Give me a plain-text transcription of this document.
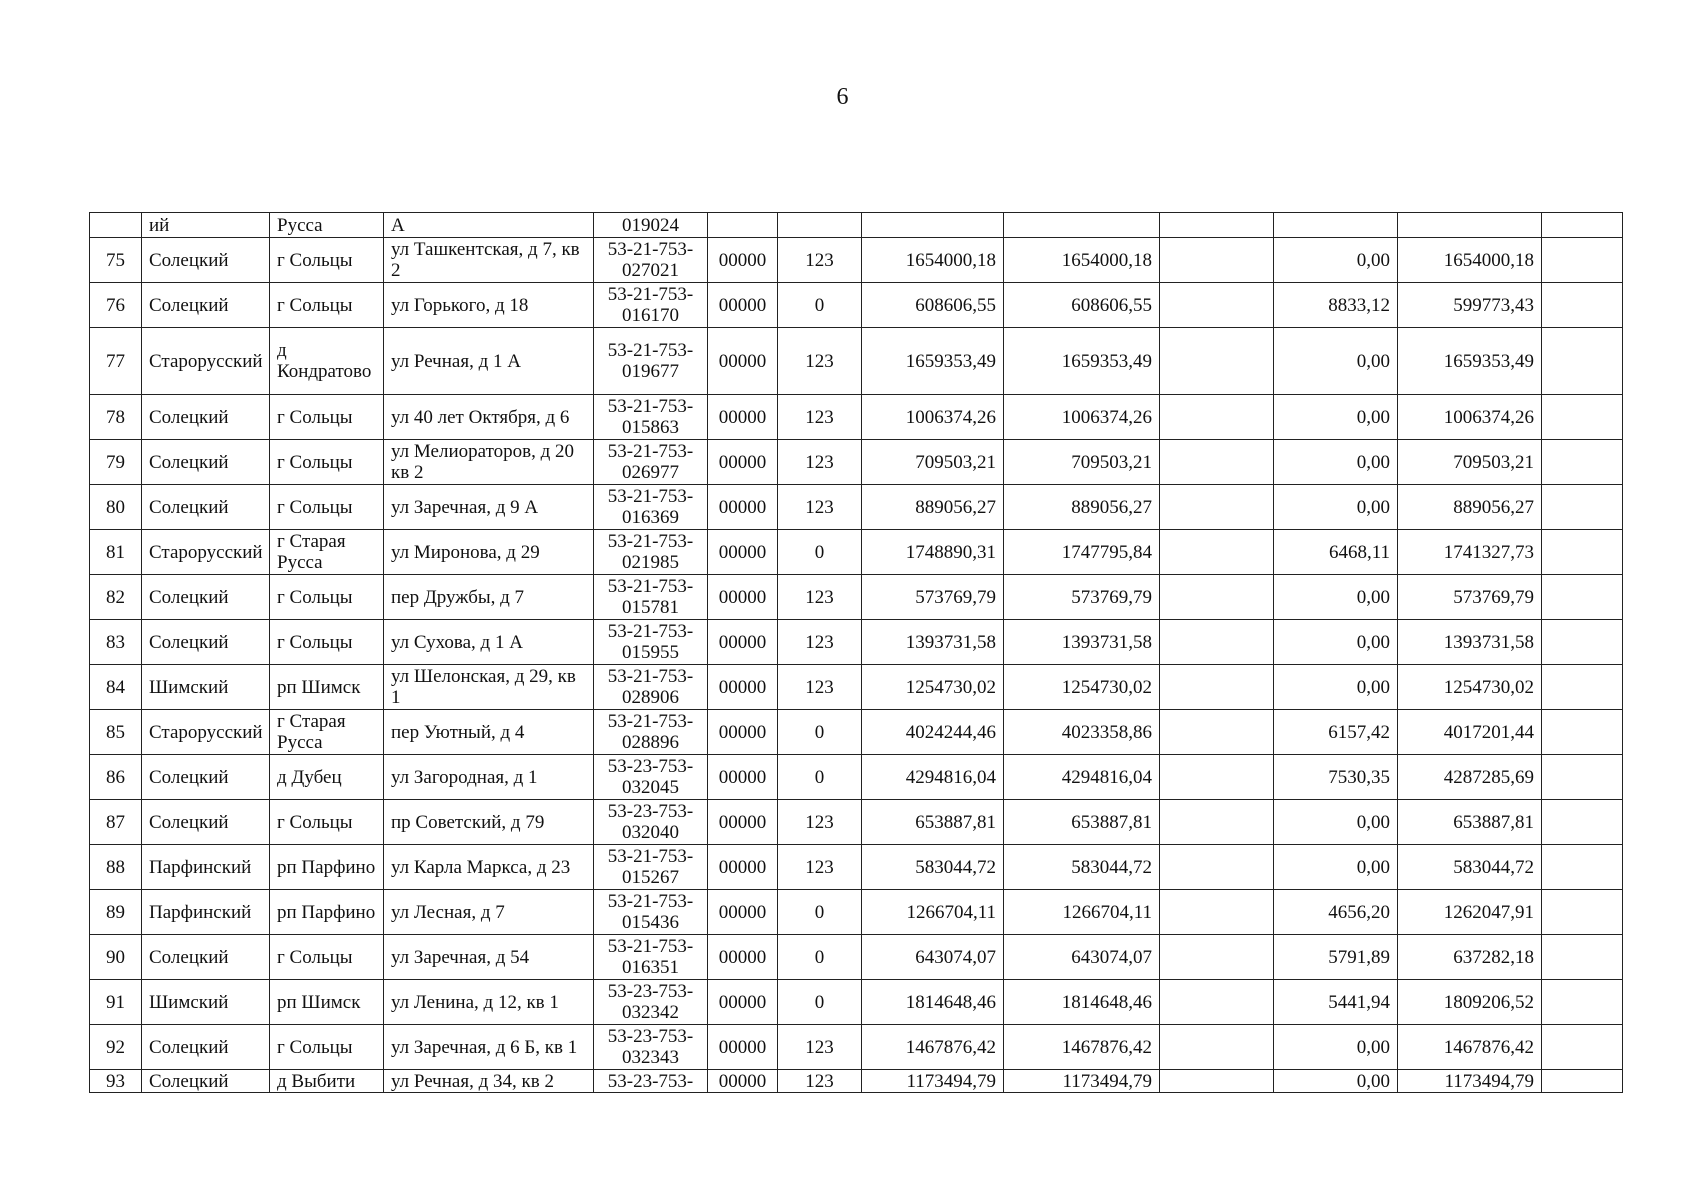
6
	ий	Русса	А	019024								
75	Солецкий	г Сольцы	ул Ташкентская, д 7, кв 2	53-21-753-027021	00000	123	1654000,18	1654000,18		0,00	1654000,18	
76	Солецкий	г Сольцы	ул Горького, д 18	53-21-753-016170	00000	0	608606,55	608606,55		8833,12	599773,43	
77	Старорусский	д Кондратово	ул Речная, д 1 А	53-21-753-019677	00000	123	1659353,49	1659353,49		0,00	1659353,49	
78	Солецкий	г Сольцы	ул 40 лет Октября, д 6	53-21-753-015863	00000	123	1006374,26	1006374,26		0,00	1006374,26	
79	Солецкий	г Сольцы	ул Мелиораторов, д 20 кв 2	53-21-753-026977	00000	123	709503,21	709503,21		0,00	709503,21	
80	Солецкий	г Сольцы	ул Заречная, д 9 А	53-21-753-016369	00000	123	889056,27	889056,27		0,00	889056,27	
81	Старорусский	г Старая Русса	ул Миронова, д 29	53-21-753-021985	00000	0	1748890,31	1747795,84		6468,11	1741327,73	
82	Солецкий	г Сольцы	пер Дружбы, д 7	53-21-753-015781	00000	123	573769,79	573769,79		0,00	573769,79	
83	Солецкий	г Сольцы	ул Сухова, д 1 А	53-21-753-015955	00000	123	1393731,58	1393731,58		0,00	1393731,58	
84	Шимский	рп Шимск	ул Шелонская, д 29, кв 1	53-21-753-028906	00000	123	1254730,02	1254730,02		0,00	1254730,02	
85	Старорусский	г Старая Русса	пер Уютный, д 4	53-21-753-028896	00000	0	4024244,46	4023358,86		6157,42	4017201,44	
86	Солецкий	д Дубец	ул Загородная, д 1	53-23-753-032045	00000	0	4294816,04	4294816,04		7530,35	4287285,69	
87	Солецкий	г Сольцы	пр Советский, д 79	53-23-753-032040	00000	123	653887,81	653887,81		0,00	653887,81	
88	Парфинский	рп Парфино	ул Карла Маркса, д 23	53-21-753-015267	00000	123	583044,72	583044,72		0,00	583044,72	
89	Парфинский	рп Парфино	ул Лесная, д 7	53-21-753-015436	00000	0	1266704,11	1266704,11		4656,20	1262047,91	
90	Солецкий	г Сольцы	ул Заречная, д 54	53-21-753-016351	00000	0	643074,07	643074,07		5791,89	637282,18	
91	Шимский	рп Шимск	ул Ленина, д 12, кв 1	53-23-753-032342	00000	0	1814648,46	1814648,46		5441,94	1809206,52	
92	Солецкий	г Сольцы	ул Заречная, д 6 Б, кв 1	53-23-753-032343	00000	123	1467876,42	1467876,42		0,00	1467876,42	
93	Солецкий	д Выбити	ул Речная, д 34, кв 2	53-23-753-	00000	123	1173494,79	1173494,79		0,00	1173494,79	
